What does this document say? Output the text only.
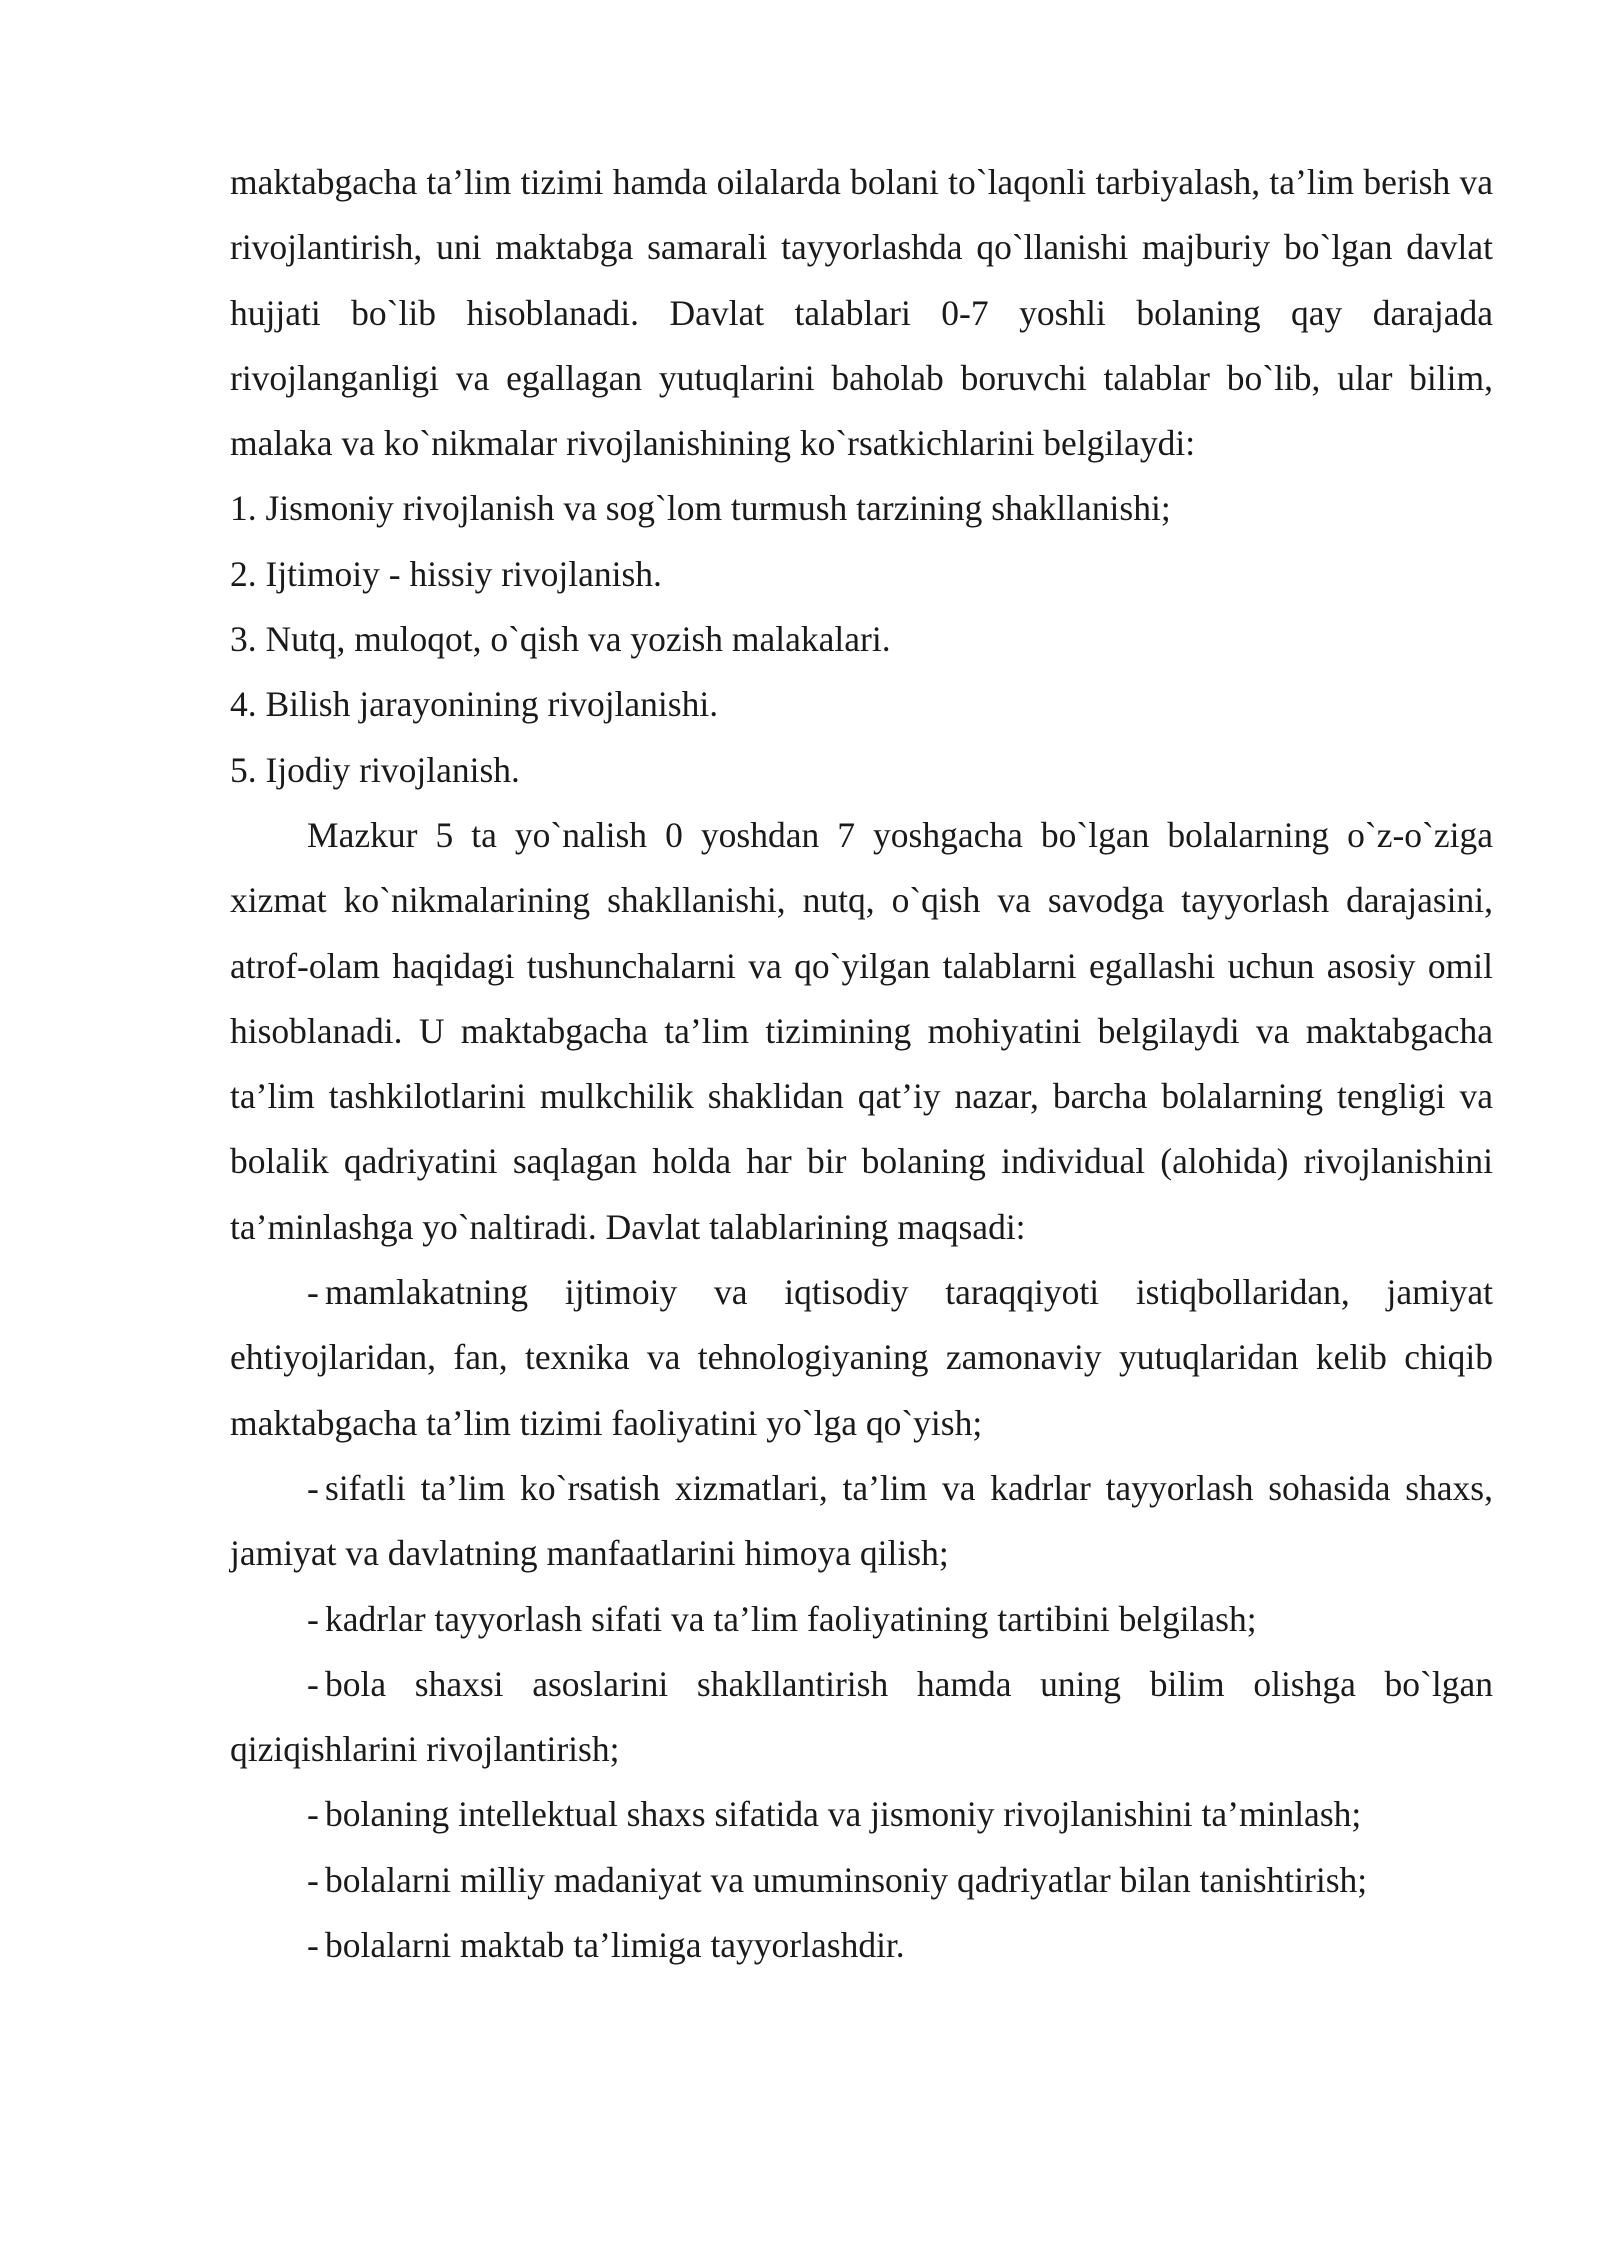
maktabgacha ta’lim tizimi hamda oilalarda bolani to`laqonli tarbiyalash, ta’lim berish va rivojlantirish, uni maktabga samarali tayyorlashda qo`llanishi majburiy bo`lgan davlat hujjati bo`lib hisoblanadi. Davlat talablari 0-7 yoshli bolaning qay darajada rivojlanganligi va egallagan yutuqlarini baholab boruvchi talablar bo`lib, ular bilim, malaka va ko`nikmalar rivojlanishining ko`rsatkichlarini belgilaydi:

1. Jismoniy rivojlanish va sog`lom turmush tarzining shakllanishi;

2. Ijtimoiy - hissiy rivojlanish.

3. Nutq, muloqot, o`qish va yozish malakalari.

4. Bilish jarayonining rivojlanishi.

5. Ijodiy rivojlanish.

Mazkur 5 ta yo`nalish 0 yoshdan 7 yoshgacha bo`lgan bolalarning o`z-o`ziga xizmat ko`nikmalarining shakllanishi, nutq, o`qish va savodga tayyorlash darajasini, atrof-olam haqidagi tushunchalarni va qo`yilgan talablarni egallashi uchun asosiy omil hisoblanadi. U maktabgacha ta’lim tizimining mohiyatini belgilaydi va maktabgacha ta’lim tashkilotlarini mulkchilik shaklidan qat’iy nazar, barcha bolalarning tengligi va bolalik qadriyatini saqlagan holda har bir bolaning individual (alohida) rivojlanishini ta’minlashga yo`naltiradi. Davlat talablarining maqsadi:

- mamlakatning ijtimoiy va iqtisodiy taraqqiyoti istiqbollaridan, jamiyat ehtiyojlaridan, fan, texnika va tehnologiyaning zamonaviy yutuqlaridan kelib chiqib maktabgacha ta’lim tizimi faoliyatini yo`lga qo`yish;

- sifatli ta’lim ko`rsatish xizmatlari, ta’lim va kadrlar tayyorlash sohasida shaxs, jamiyat va davlatning manfaatlarini himoya qilish;

- kadrlar tayyorlash sifati va ta’lim faoliyatining tartibini belgilash;

- bola shaxsi asoslarini shakllantirish hamda uning bilim olishga bo`lgan qiziqishlarini rivojlantirish;

- bolaning intellektual shaxs sifatida va jismoniy rivojlanishini ta’minlash;

- bolalarni milliy madaniyat va umuminsoniy qadriyatlar bilan tanishtirish;

- bolalarni maktab ta’limiga tayyorlashdir.
